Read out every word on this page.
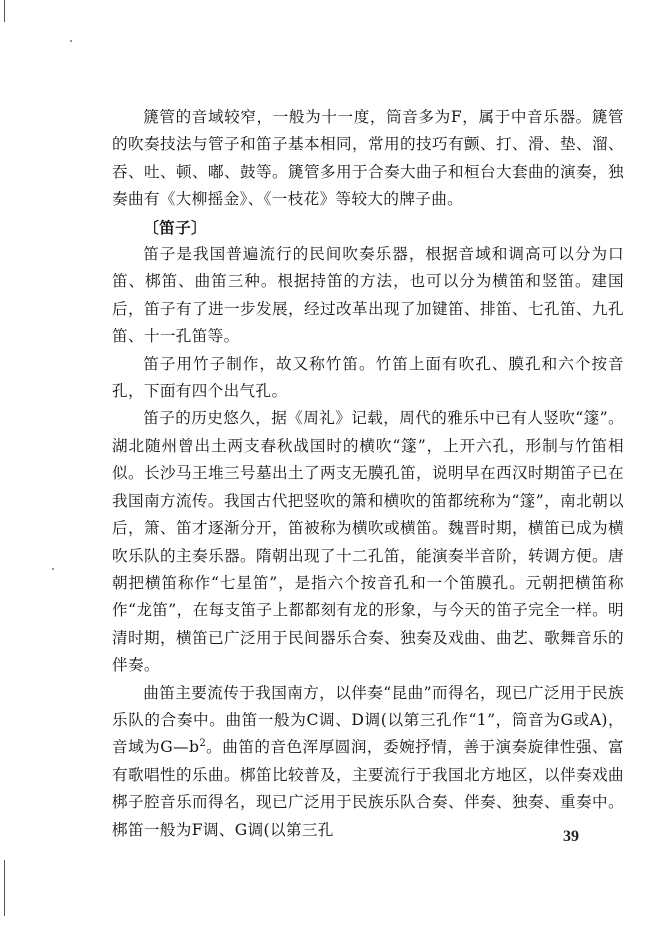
篪管的音域较窄，一般为十一度，筒音多为F，属于中音乐器。篪管的吹奏技法与管子和笛子基本相同，常用的技巧有颤、打、滑、垫、溜、吞、吐、顿、嘟、鼓等。篪管多用于合奏大曲子和桓台大套曲的演奏，独奏曲有《大柳摇金》、《一枝花》等较大的牌子曲。

〔笛子〕

笛子是我国普遍流行的民间吹奏乐器，根据音域和调高可以分为口笛、梆笛、曲笛三种。根据持笛的方法，也可以分为横笛和竖笛。建国后，笛子有了进一步发展，经过改革出现了加键笛、排笛、七孔笛、九孔笛、十一孔笛等。

笛子用竹子制作，故又称竹笛。竹笛上面有吹孔、膜孔和六个按音孔，下面有四个出气孔。

笛子的历史悠久，据《周礼》记载，周代的雅乐中已有人竖吹“篴”。湖北随州曾出土两支春秋战国时的横吹“篴”，上开六孔，形制与竹笛相似。长沙马王堆三号墓出土了两支无膜孔笛，说明早在西汉时期笛子已在我国南方流传。我国古代把竖吹的箫和横吹的笛都统称为“篴”，南北朝以后，箫、笛才逐渐分开，笛被称为横吹或横笛。魏晋时期，横笛已成为横吹乐队的主奏乐器。隋朝出现了十二孔笛，能演奏半音阶，转调方便。唐朝把横笛称作“七星笛”，是指六个按音孔和一个笛膜孔。元朝把横笛称作“龙笛”，在每支笛子上都都刻有龙的形象，与今天的笛子完全一样。明清时期，横笛已广泛用于民间器乐合奏、独奏及戏曲、曲艺、歌舞音乐的伴奏。

曲笛主要流传于我国南方，以伴奏“昆曲”而得名，现已广泛用于民族乐队的合奏中。曲笛一般为C调、D调(以第三孔作“1”，筒音为G或A)，音域为$G—b^2$。曲笛的音色浑厚圆润，委婉抒情，善于演奏旋律性强、富有歌唱性的乐曲。梆笛比较普及，主要流行于我国北方地区，以伴奏戏曲梆子腔音乐而得名，现已广泛用于民族乐队合奏、伴奏、独奏、重奏中。梆笛一般为F调、G调(以第三孔	39
